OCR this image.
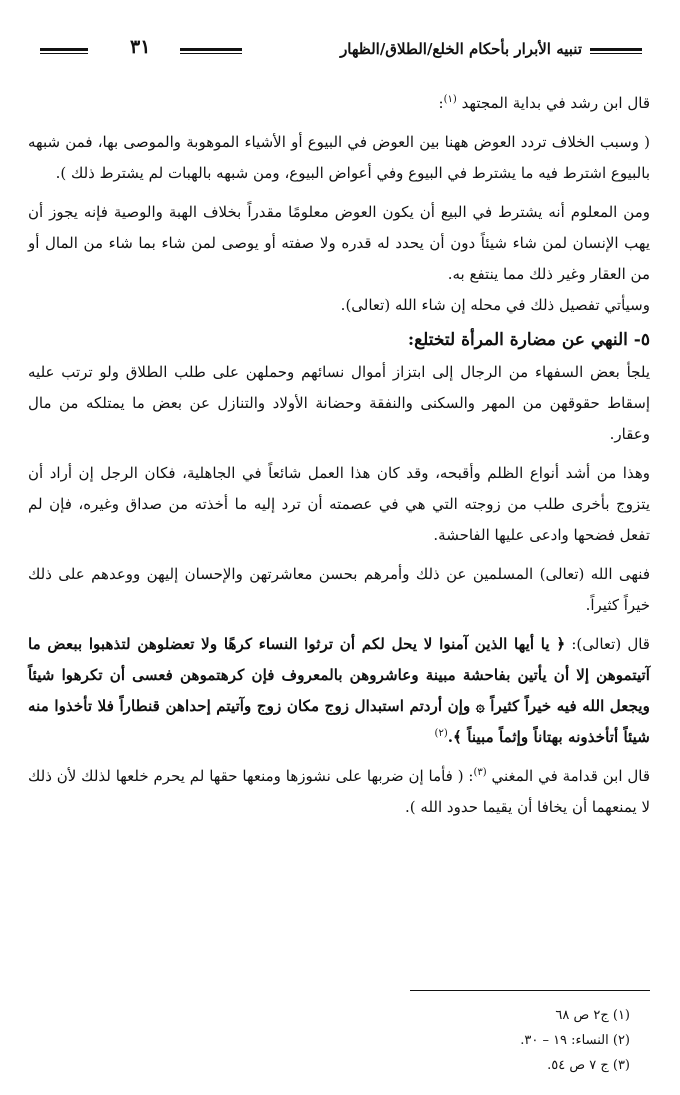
تنبيه الأبرار بأحكام الخلع/الطلاق/الظهار
٣١

قال ابن رشد في بداية المجتهد $^{(١)}$:

( وسبب الخلاف تردد العوض ههنا بين العوض في البيوع أو الأشياء الموهوبة والموصى بها، فمن شبهه بالبيوع اشترط فيه ما يشترط في البيوع وفي أعواض البيوع، ومن شبهه بالهبات لم يشترط ذلك ).

ومن المعلوم أنه يشترط في البيع أن يكون العوض معلومًا مقدراً بخلاف الهبة والوصية فإنه يجوز أن يهب الإنسان لمن شاء شيئاً دون أن يحدد له قدره ولا صفته أو يوصى لمن شاء بما شاء من المال أو من العقار وغير ذلك مما ينتفع به.

وسيأتي تفصيل ذلك في محله إن شاء الله (تعالى).

٥- النهي عن مضارة المرأة لتختلع:

يلجأ بعض السفهاء من الرجال إلى ابتزاز أموال نسائهم وحملهن على طلب الطلاق ولو ترتب عليه إسقاط حقوقهن من المهر والسكنى والنفقة وحضانة الأولاد والتنازل عن بعض ما يمتلكه من مال وعقار.

وهذا من أشد أنواع الظلم وأقبحه، وقد كان هذا العمل شائعاً في الجاهلية، فكان الرجل إن أراد أن يتزوج بأخرى طلب من زوجته التي هي في عصمته أن ترد إليه ما أخذته من صداق وغيره، فإن لم تفعل فضحها وادعى عليها الفاحشة.

فنهى الله (تعالى) المسلمين عن ذلك وأمرهم بحسن معاشرتهن والإحسان إليهن ووعدهم على ذلك خيراً كثيراً.

قال (تعالى): ﴿ يا أيها الذين آمنوا لا يحل لكم أن ترثوا النساء كرهًا ولا تعضلوهن لتذهبوا ببعض ما آتيتموهن إلا أن يأتين بفاحشة مبينة وعاشروهن بالمعروف فإن كرهتموهن فعسى أن تكرهوا شيئاً ويجعل الله فيه خيراً كثيراً ۞ وإن أردتم استبدال زوج مكان زوج وآتيتم إحداهن قنطاراً فلا تأخذوا منه شيئاً أتأخذونه بهتاناً وإثماً مبيناً ﴾.$^{(٢)}$

قال ابن قدامة في المغني $^{(٣)}$: ( فأما إن ضربها على نشوزها ومنعها حقها لم يحرم خلعها لذلك لأن ذلك لا يمنعهما أن يخافا أن يقيما حدود الله ).

(١) ج٢ ص ٦٨
(٢) النساء: ١٩ – ٣٠.
(٣) ج ٧ ص ٥٤.
